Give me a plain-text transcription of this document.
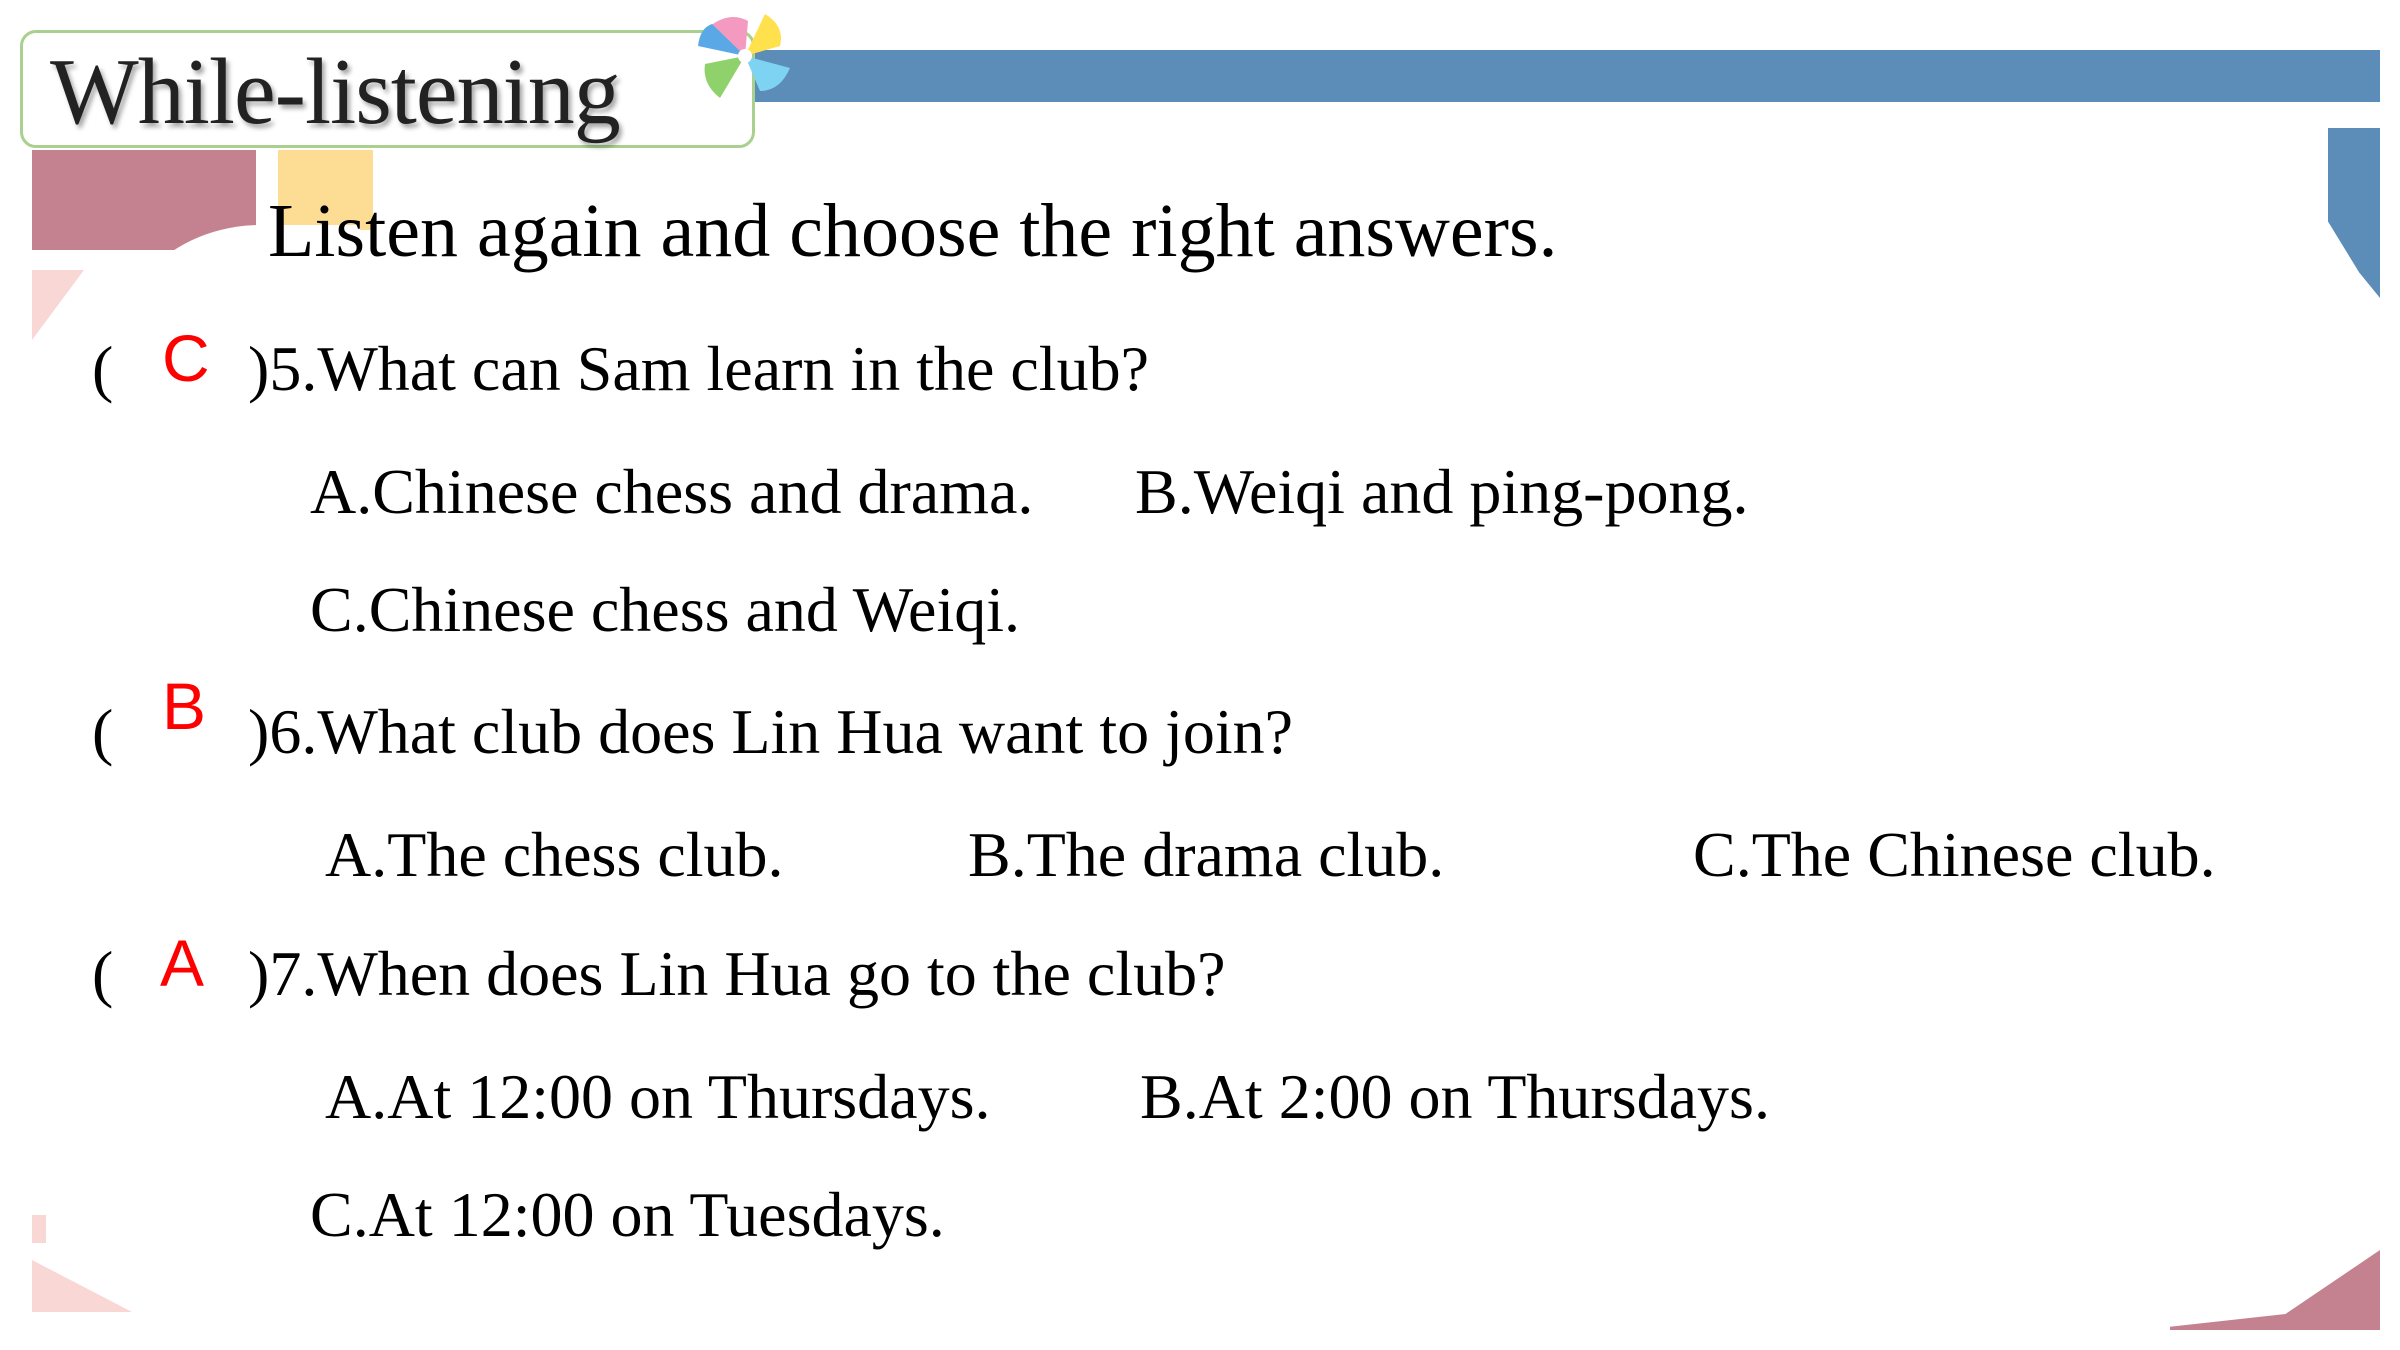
While-listening
Listen again and choose the right answers.
( C )5.What can Sam learn in the club?
A.Chinese chess and drama. B.Weiqi and ping-pong.
C.Chinese chess and Weiqi.
( B )6.What club does Lin Hua want to join?
A.The chess club.	B.The drama club.	C.The Chinese club.
( A )7.When does Lin Hua go to the club?
A.At 12:00 on Thursdays. B.At 2:00 on Thursdays.
C.At 12:00 on Tuesdays.
